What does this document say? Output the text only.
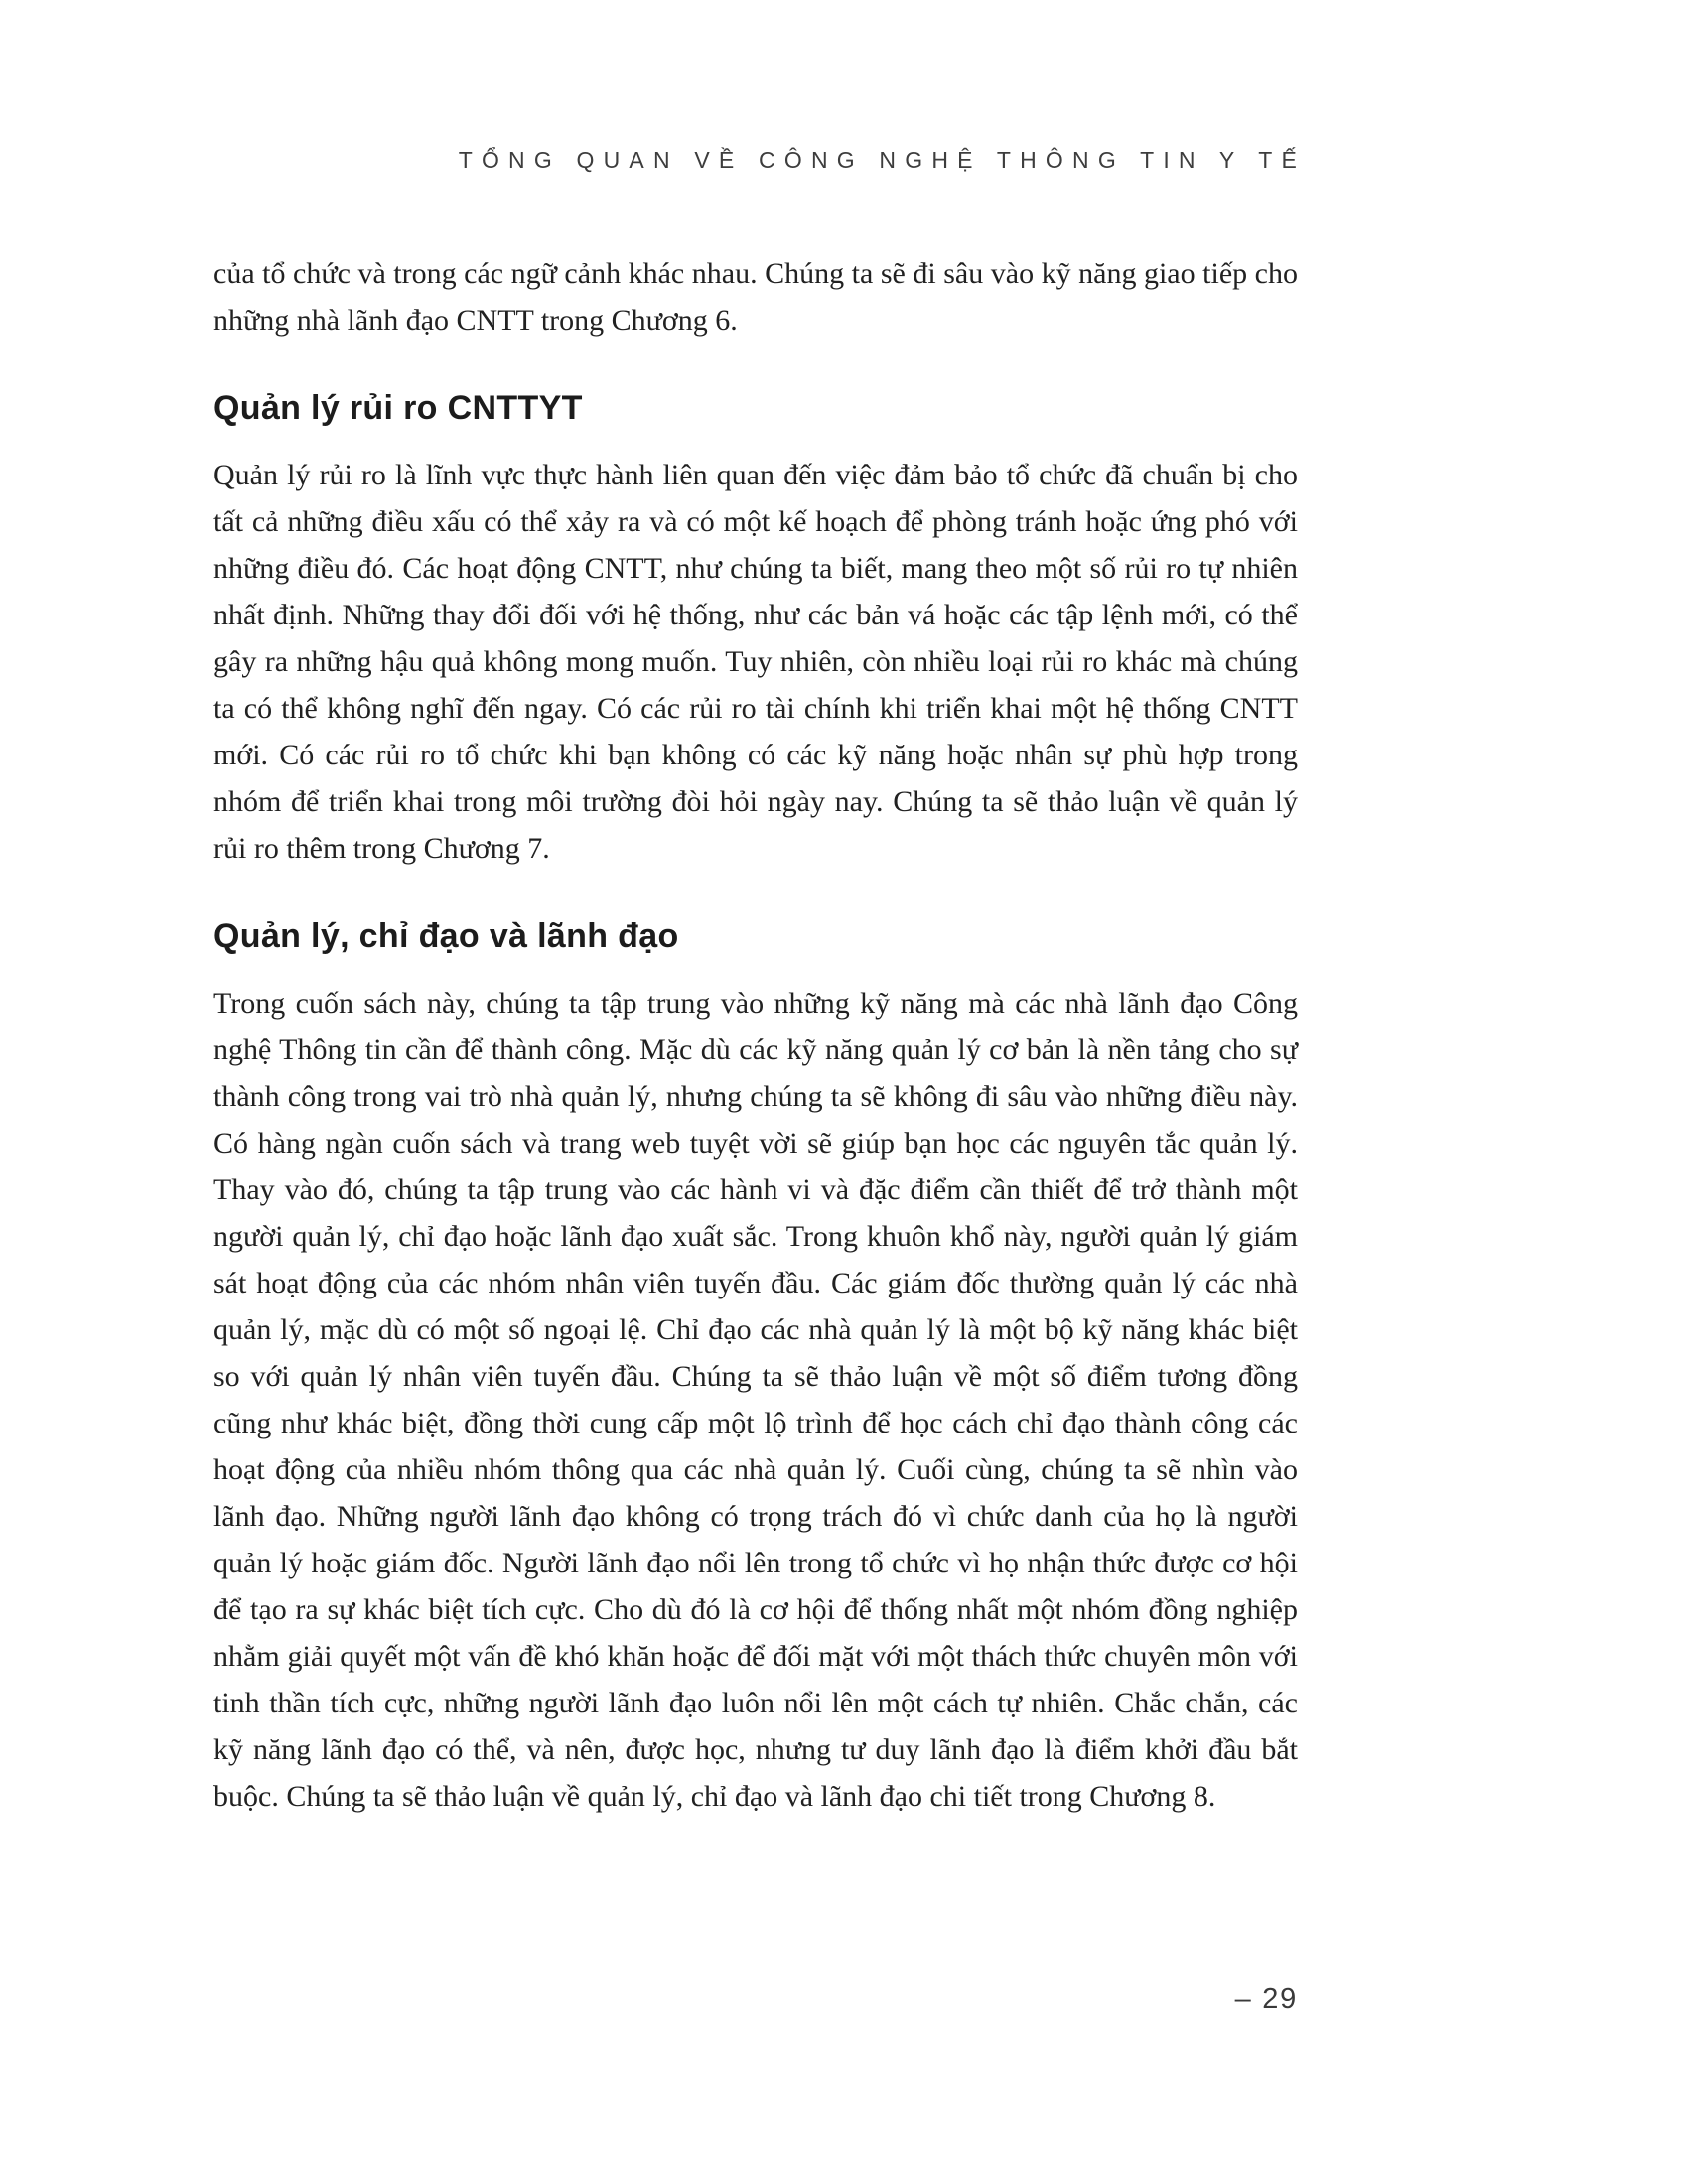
TỔNG QUAN VỀ CÔNG NGHỆ THÔNG TIN Y TẾ

của tổ chức và trong các ngữ cảnh khác nhau. Chúng ta sẽ đi sâu vào kỹ năng giao tiếp cho những nhà lãnh đạo CNTT trong Chương 6.

Quản lý rủi ro CNTTYT

Quản lý rủi ro là lĩnh vực thực hành liên quan đến việc đảm bảo tổ chức đã chuẩn bị cho tất cả những điều xấu có thể xảy ra và có một kế hoạch để phòng tránh hoặc ứng phó với những điều đó. Các hoạt động CNTT, như chúng ta biết, mang theo một số rủi ro tự nhiên nhất định. Những thay đổi đối với hệ thống, như các bản vá hoặc các tập lệnh mới, có thể gây ra những hậu quả không mong muốn. Tuy nhiên, còn nhiều loại rủi ro khác mà chúng ta có thể không nghĩ đến ngay. Có các rủi ro tài chính khi triển khai một hệ thống CNTT mới. Có các rủi ro tổ chức khi bạn không có các kỹ năng hoặc nhân sự phù hợp trong nhóm để triển khai trong môi trường đòi hỏi ngày nay. Chúng ta sẽ thảo luận về quản lý rủi ro thêm trong Chương 7.

Quản lý, chỉ đạo và lãnh đạo

Trong cuốn sách này, chúng ta tập trung vào những kỹ năng mà các nhà lãnh đạo Công nghệ Thông tin cần để thành công. Mặc dù các kỹ năng quản lý cơ bản là nền tảng cho sự thành công trong vai trò nhà quản lý, nhưng chúng ta sẽ không đi sâu vào những điều này. Có hàng ngàn cuốn sách và trang web tuyệt vời sẽ giúp bạn học các nguyên tắc quản lý. Thay vào đó, chúng ta tập trung vào các hành vi và đặc điểm cần thiết để trở thành một người quản lý, chỉ đạo hoặc lãnh đạo xuất sắc. Trong khuôn khổ này, người quản lý giám sát hoạt động của các nhóm nhân viên tuyến đầu. Các giám đốc thường quản lý các nhà quản lý, mặc dù có một số ngoại lệ. Chỉ đạo các nhà quản lý là một bộ kỹ năng khác biệt so với quản lý nhân viên tuyến đầu. Chúng ta sẽ thảo luận về một số điểm tương đồng cũng như khác biệt, đồng thời cung cấp một lộ trình để học cách chỉ đạo thành công các hoạt động của nhiều nhóm thông qua các nhà quản lý. Cuối cùng, chúng ta sẽ nhìn vào lãnh đạo. Những người lãnh đạo không có trọng trách đó vì chức danh của họ là người quản lý hoặc giám đốc. Người lãnh đạo nổi lên trong tổ chức vì họ nhận thức được cơ hội để tạo ra sự khác biệt tích cực. Cho dù đó là cơ hội để thống nhất một nhóm đồng nghiệp nhằm giải quyết một vấn đề khó khăn hoặc để đối mặt với một thách thức chuyên môn với tinh thần tích cực, những người lãnh đạo luôn nổi lên một cách tự nhiên. Chắc chắn, các kỹ năng lãnh đạo có thể, và nên, được học, nhưng tư duy lãnh đạo là điểm khởi đầu bắt buộc. Chúng ta sẽ thảo luận về quản lý, chỉ đạo và lãnh đạo chi tiết trong Chương 8.

– 29
